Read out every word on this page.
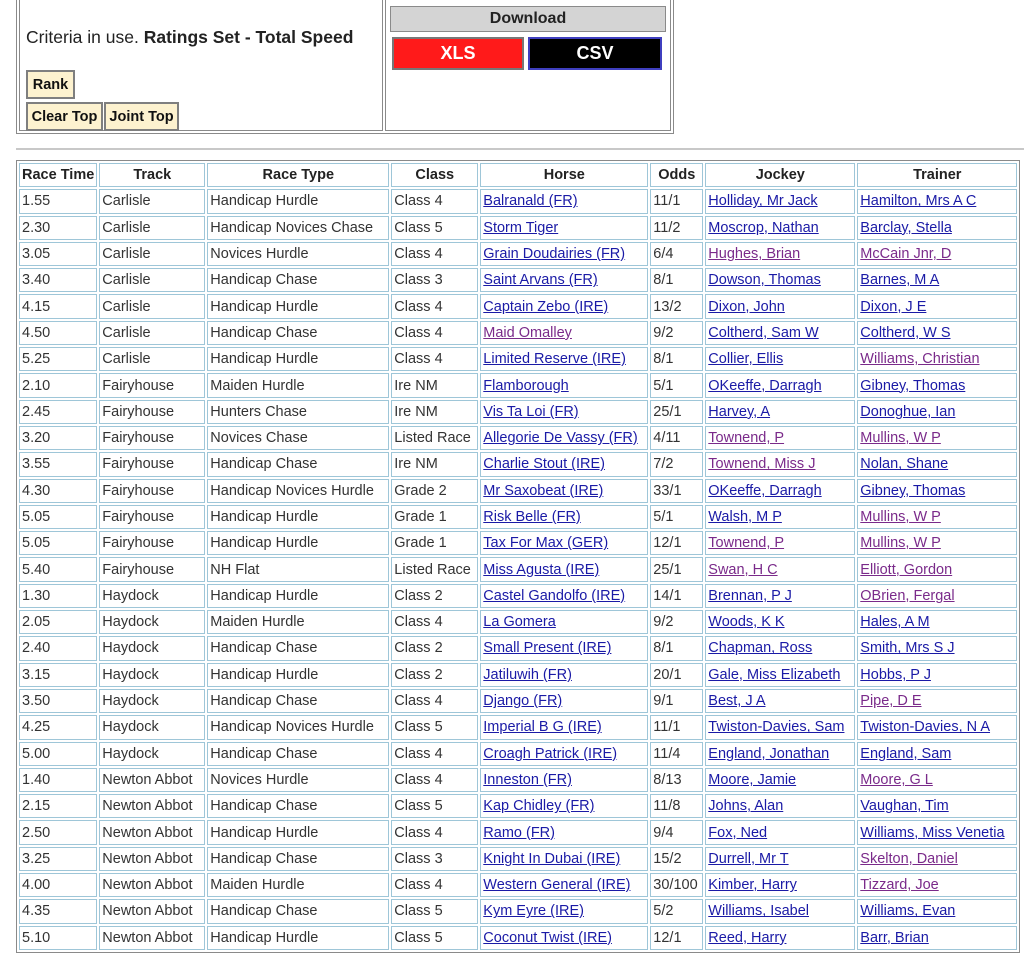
Criteria in use. Ratings Set - Total Speed
Rank
Clear Top Joint Top
Download
XLS	CSV
Race Time	Track	Race Type	Class	Horse	Odds	Jockey	Trainer
1.55	Carlisle	Handicap Hurdle	Class 4	Balranald (FR)	11/1	Holliday, Mr Jack	Hamilton, Mrs A C
2.30	Carlisle	Handicap Novices Chase	Class 5	Storm Tiger	11/2	Moscrop, Nathan	Barclay, Stella
3.05	Carlisle	Novices Hurdle	Class 4	Grain Doudairies (FR)	6/4	Hughes, Brian	McCain Jnr, D
3.40	Carlisle	Handicap Chase	Class 3	Saint Arvans (FR)	8/1	Dowson, Thomas	Barnes, M A
4.15	Carlisle	Handicap Hurdle	Class 4	Captain Zebo (IRE)	13/2	Dixon, John	Dixon, J E
4.50	Carlisle	Handicap Chase	Class 4	Maid Omalley	9/2	Coltherd, Sam W	Coltherd, W S
5.25	Carlisle	Handicap Hurdle	Class 4	Limited Reserve (IRE)	8/1	Collier, Ellis	Williams, Christian
2.10	Fairyhouse	Maiden Hurdle	Ire NM	Flamborough	5/1	OKeeffe, Darragh	Gibney, Thomas
2.45	Fairyhouse	Hunters Chase	Ire NM	Vis Ta Loi (FR)	25/1	Harvey, A	Donoghue, Ian
3.20	Fairyhouse	Novices Chase	Listed Race	Allegorie De Vassy (FR)	4/11	Townend, P	Mullins, W P
3.55	Fairyhouse	Handicap Chase	Ire NM	Charlie Stout (IRE)	7/2	Townend, Miss J	Nolan, Shane
4.30	Fairyhouse	Handicap Novices Hurdle	Grade 2	Mr Saxobeat (IRE)	33/1	OKeeffe, Darragh	Gibney, Thomas
5.05	Fairyhouse	Handicap Hurdle	Grade 1	Risk Belle (FR)	5/1	Walsh, M P	Mullins, W P
5.05	Fairyhouse	Handicap Hurdle	Grade 1	Tax For Max (GER)	12/1	Townend, P	Mullins, W P
5.40	Fairyhouse	NH Flat	Listed Race	Miss Agusta (IRE)	25/1	Swan, H C	Elliott, Gordon
1.30	Haydock	Handicap Hurdle	Class 2	Castel Gandolfo (IRE)	14/1	Brennan, P J	OBrien, Fergal
2.05	Haydock	Maiden Hurdle	Class 4	La Gomera	9/2	Woods, K K	Hales, A M
2.40	Haydock	Handicap Chase	Class 2	Small Present (IRE)	8/1	Chapman, Ross	Smith, Mrs S J
3.15	Haydock	Handicap Hurdle	Class 2	Jatiluwih (FR)	20/1	Gale, Miss Elizabeth	Hobbs, P J
3.50	Haydock	Handicap Chase	Class 4	Django (FR)	9/1	Best, J A	Pipe, D E
4.25	Haydock	Handicap Novices Hurdle	Class 5	Imperial B G (IRE)	11/1	Twiston-Davies, Sam	Twiston-Davies, N A
5.00	Haydock	Handicap Chase	Class 4	Croagh Patrick (IRE)	11/4	England, Jonathan	England, Sam
1.40	Newton Abbot	Novices Hurdle	Class 4	Inneston (FR)	8/13	Moore, Jamie	Moore, G L
2.15	Newton Abbot	Handicap Chase	Class 5	Kap Chidley (FR)	11/8	Johns, Alan	Vaughan, Tim
2.50	Newton Abbot	Handicap Hurdle	Class 4	Ramo (FR)	9/4	Fox, Ned	Williams, Miss Venetia
3.25	Newton Abbot	Handicap Chase	Class 3	Knight In Dubai (IRE)	15/2	Durrell, Mr T	Skelton, Daniel
4.00	Newton Abbot	Maiden Hurdle	Class 4	Western General (IRE)	30/100	Kimber, Harry	Tizzard, Joe
4.35	Newton Abbot	Handicap Chase	Class 5	Kym Eyre (IRE)	5/2	Williams, Isabel	Williams, Evan
5.10	Newton Abbot	Handicap Hurdle	Class 5	Coconut Twist (IRE)	12/1	Reed, Harry	Barr, Brian
